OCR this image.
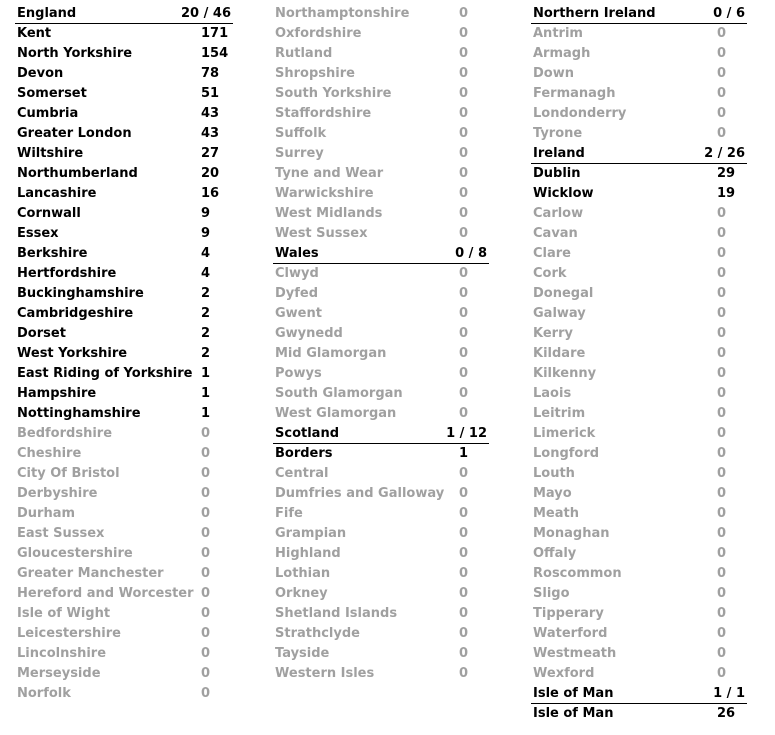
England	20 / 46
Kent	171
North Yorkshire	154
Devon	78
Somerset	51
Cumbria	43
Greater London	43
Wiltshire	27
Northumberland	20
Lancashire	16
Cornwall	9
Essex	9
Berkshire	4
Hertfordshire	4
Buckinghamshire	2
Cambridgeshire	2
Dorset	2
West Yorkshire	2
East Riding of Yorkshire 1
Hampshire	1
Nottinghamshire	1
Bedfordshire	0
Cheshire	0
City Of Bristol	0
Derbyshire	0
Durham	0
East Sussex	0
Gloucestershire	0
Greater Manchester	0
Hereford and Worcester 0
Isle of Wight	0
Leicestershire	0
Lincolnshire	0
Merseyside	0
Norfolk	0
Northamptonshire	0
Oxfordshire	0
Rutland	0
Shropshire	0
South Yorkshire	0
Staffordshire	0
Suffolk	0
Surrey	0
Tyne and Wear	0
Warwickshire	0
West Midlands	0
West Sussex	0
Wales	0 / 8
Clwyd	0
Dyfed	0
Gwent	0
Gwynedd	0
Mid Glamorgan	0
Powys	0
South Glamorgan	0
West Glamorgan	0
Scotland	1 / 12
Borders	1
Central	0
Dumfries and Galloway 0
Fife	0
Grampian	0
Highland	0
Lothian	0
Orkney	0
Shetland Islands	0
Strathclyde	0
Tayside	0
Western Isles	0
Northern Ireland	0 / 6
Antrim	0
Armagh	0
Down	0
Fermanagh	0
Londonderry	0
Tyrone	0
Ireland	2 / 26
Dublin	29
Wicklow	19
Carlow	0
Cavan	0
Clare	0
Cork	0
Donegal	0
Galway	0
Kerry	0
Kildare	0
Kilkenny	0
Laois	0
Leitrim	0
Limerick	0
Longford	0
Louth	0
Mayo	0
Meath	0
Monaghan	0
Offaly	0
Roscommon	0
Sligo	0
Tipperary	0
Waterford	0
Westmeath	0
Wexford	0
Isle of Man	1 / 1
Isle of Man	26
